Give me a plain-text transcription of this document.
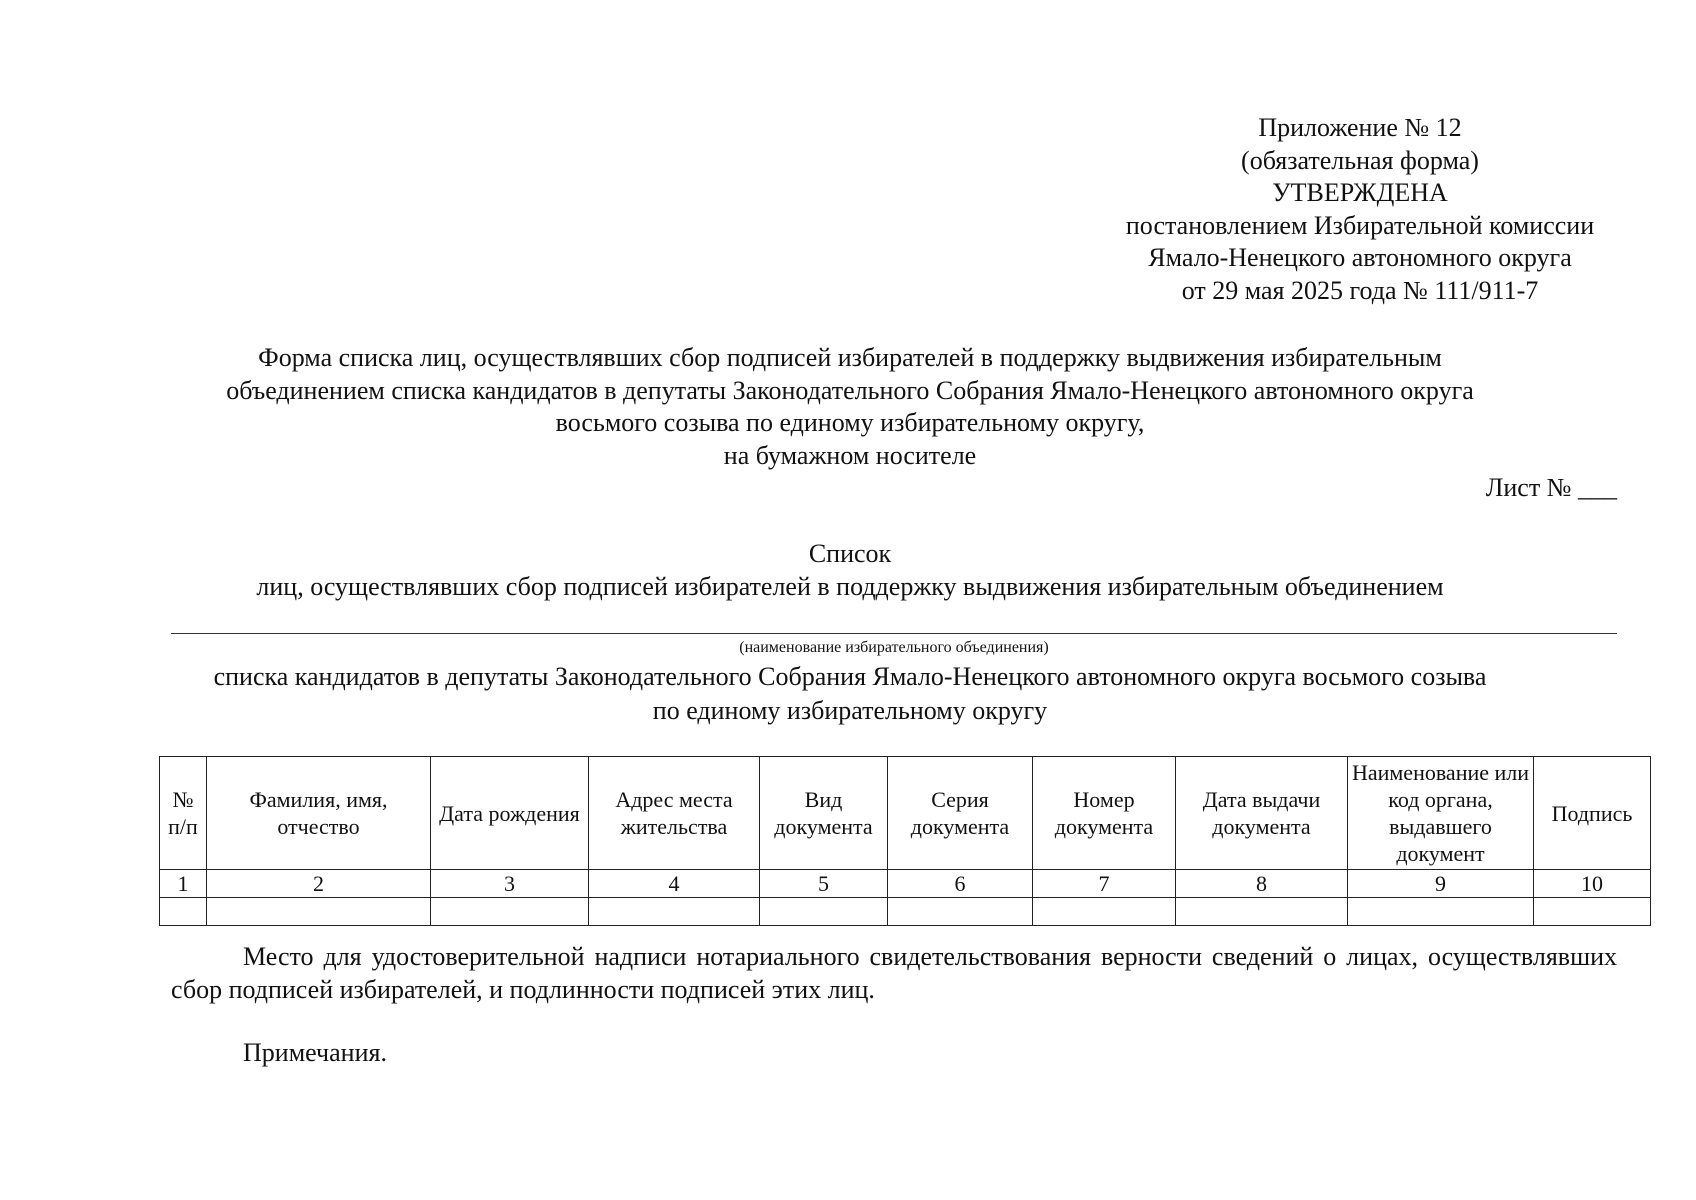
Приложение № 12
(обязательная форма)
УТВЕРЖДЕНА
постановлением Избирательной комиссии
Ямало-Ненецкого автономного округа
от 29 мая 2025 года № 111/911-7
Форма списка лиц, осуществлявших сбор подписей избирателей в поддержку выдвижения избирательным
объединением списка кандидатов в депутаты Законодательного Собрания Ямало-Ненецкого автономного округа
восьмого созыва по единому избирательному округу,
на бумажном носителе
Лист № ___
Список
лиц, осуществлявших сбор подписей избирателей в поддержку выдвижения избирательным объединением
(наименование избирательного объединения)
списка кандидатов в депутаты Законодательного Собрания Ямало-Ненецкого автономного округа восьмого созыва
по единому избирательному округу
№ п/п	Фамилия, имя, отчество	Дата рождения	Адрес места жительства	Вид документа	Серия документа	Номер документа	Дата выдачи документа	Наименование или код органа, выдавшего документ	Подпись
1	2	3	4	5	6	7	8	9	10

Место для удостоверительной надписи нотариального свидетельствования верности сведений о лицах, осуществлявших сбор подписей избирателей, и подлинности подписей этих лиц.

Примечания.
